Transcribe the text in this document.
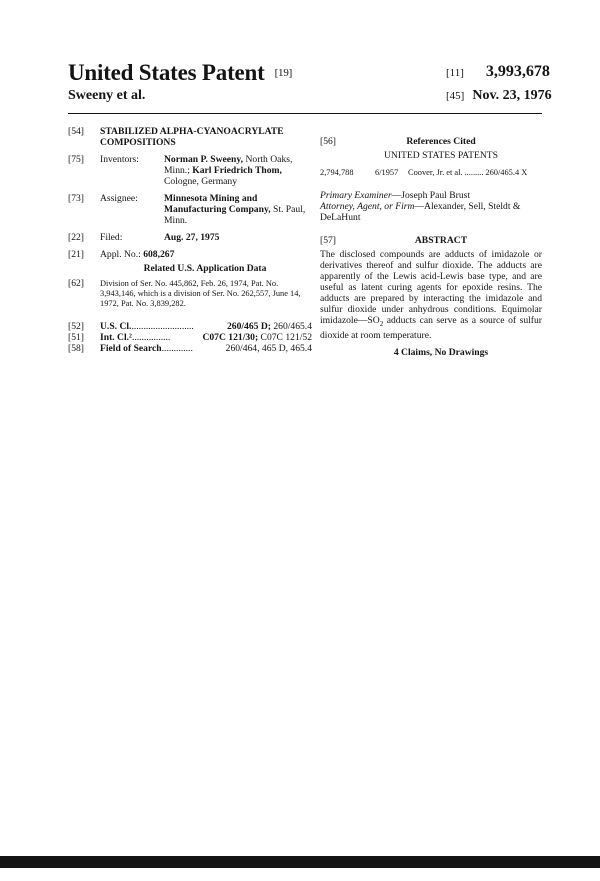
United States Patent [19]
Sweeny et al.
[11] 3,993,678
[45] Nov. 23, 1976
[54]	STABILIZED ALPHA-CYANOACRYLATE COMPOSITIONS
[75]	Inventors:	Norman P. Sweeny, North Oaks, Minn.; Karl Friedrich Thom, Cologne, Germany
[73]	Assignee:	Minnesota Mining and Manufacturing Company, St. Paul, Minn.
[22]	Filed:	Aug. 27, 1975
[21]	Appl. No.: 608,267
Related U.S. Application Data
[62]	Division of Ser. No. 445,862, Feb. 26, 1974, Pat. No. 3,943,146, which is a division of Ser. No. 262,557, June 14, 1972, Pat. No. 3,839,282.
[52]	U.S. Cl...........................	260/465 D; 260/465.4
[51]	Int. Cl.²................	C07C 121/30; C07C 121/52
[58]	Field of Search.............	260/464, 465 D, 465.4
[56]	References Cited
UNITED STATES PATENTS
2,794,788	6/1957	Coover, Jr. et al. ......... 260/465.4 X
Primary Examiner—Joseph Paul Brust
Attorney, Agent, or Firm—Alexander, Sell, Steldt & DeLaHunt
[57]	ABSTRACT

The disclosed compounds are adducts of imidazole or derivatives thereof and sulfur dioxide. The adducts are apparently of the Lewis acid-Lewis base type, and are useful as latent curing agents for epoxide resins. The adducts are prepared by interacting the imidazole and sulfur dioxide under anhydrous conditions. Equimolar $imidazole—SO_2$ adducts can serve as a source of sulfur dioxide at room temperature.

4 Claims, No Drawings
